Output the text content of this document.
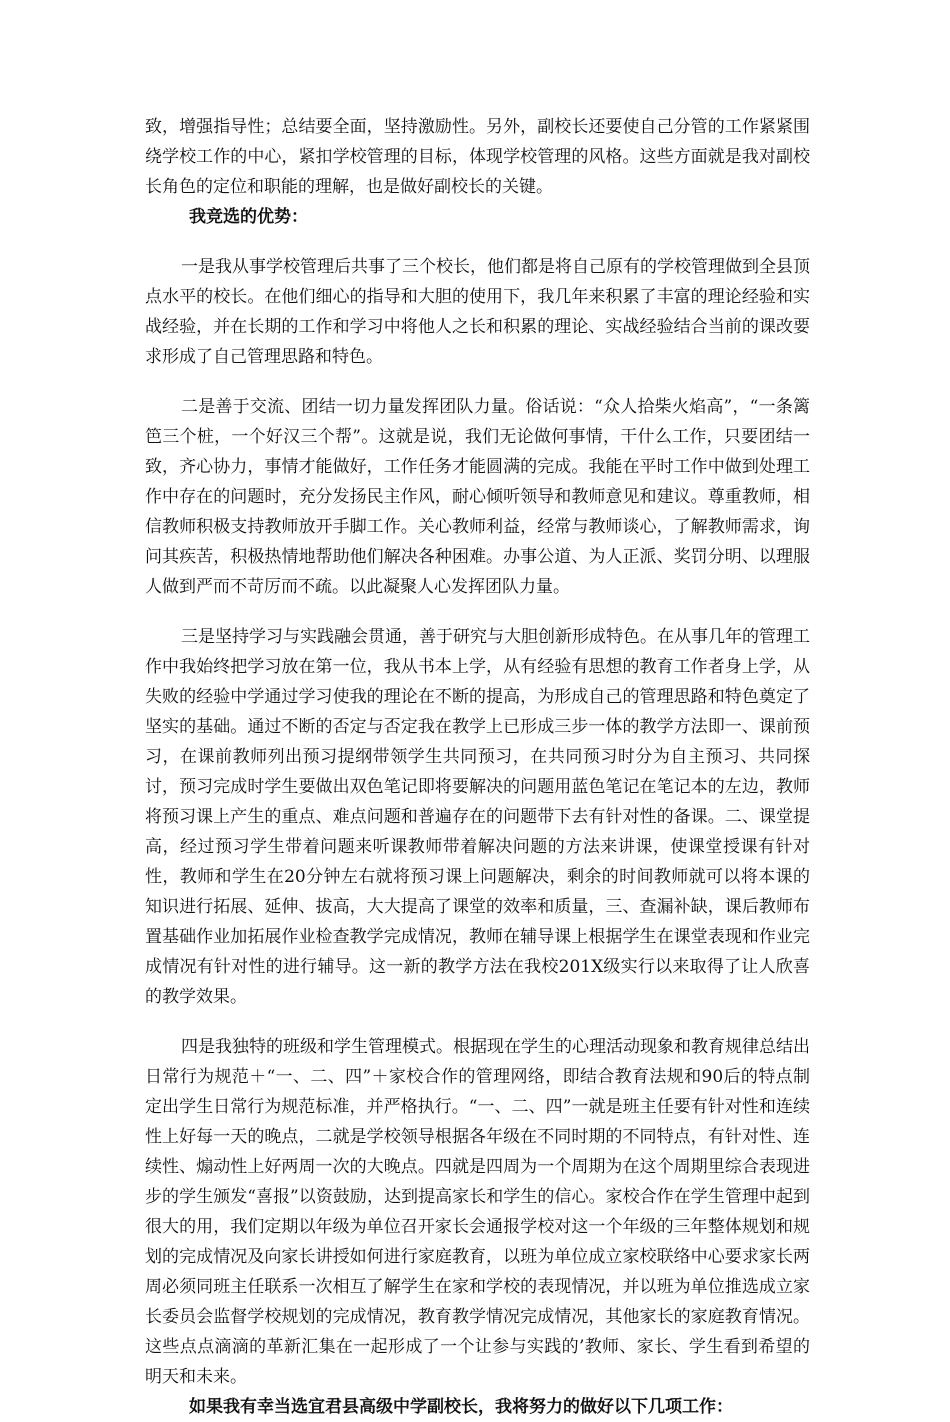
致，增强指导性；总结要全面，坚持激励性。另外，副校长还要使自己分管的工作紧紧围绕学校工作的中心，紧扣学校管理的目标，体现学校管理的风格。这些方面就是我对副校长角色的定位和职能的理解，也是做好副校长的关键。

我竞选的优势：

一是我从事学校管理后共事了三个校长，他们都是将自己原有的学校管理做到全县顶点水平的校长。在他们细心的指导和大胆的使用下，我几年来积累了丰富的理论经验和实战经验，并在长期的工作和学习中将他人之长和积累的理论、实战经验结合当前的课改要求形成了自己管理思路和特色。

二是善于交流、团结一切力量发挥团队力量。俗话说：“众人拾柴火焰高”，“一条篱笆三个桩，一个好汉三个帮”。这就是说，我们无论做何事情，干什么工作，只要团结一致，齐心协力，事情才能做好，工作任务才能圆满的完成。我能在平时工作中做到处理工作中存在的问题时，充分发扬民主作风，耐心倾听领导和教师意见和建议。尊重教师，相信教师积极支持教师放开手脚工作。关心教师利益，经常与教师谈心，了解教师需求，询问其疾苦，积极热情地帮助他们解决各种困难。办事公道、为人正派、奖罚分明、以理服人做到严而不苛厉而不疏。以此凝聚人心发挥团队力量。

三是坚持学习与实践融会贯通，善于研究与大胆创新形成特色。在从事几年的管理工作中我始终把学习放在第一位，我从书本上学，从有经验有思想的教育工作者身上学，从失败的经验中学通过学习使我的理论在不断的提高，为形成自己的管理思路和特色奠定了坚实的基础。通过不断的否定与否定我在教学上已形成三步一体的教学方法即一、课前预习，在课前教师列出预习提纲带领学生共同预习，在共同预习时分为自主预习、共同探讨，预习完成时学生要做出双色笔记即将要解决的问题用蓝色笔记在笔记本的左边，教师将预习课上产生的重点、难点问题和普遍存在的问题带下去有针对性的备课。二、课堂提高，经过预习学生带着问题来听课教师带着解决问题的方法来讲课，使课堂授课有针对性，教师和学生在20分钟左右就将预习课上问题解决，剩余的时间教师就可以将本课的知识进行拓展、延伸、拔高，大大提高了课堂的效率和质量，三、查漏补缺，课后教师布置基础作业加拓展作业检查教学完成情况，教师在辅导课上根据学生在课堂表现和作业完成情况有针对性的进行辅导。这一新的教学方法在我校201X级实行以来取得了让人欣喜的教学效果。

四是我独特的班级和学生管理模式。根据现在学生的心理活动现象和教育规律总结出日常行为规范＋“一、二、四”＋家校合作的管理网络，即结合教育法规和90后的特点制定出学生日常行为规范标准，并严格执行。“一、二、四”一就是班主任要有针对性和连续性上好每一天的晚点，二就是学校领导根据各年级在不同时期的不同特点，有针对性、连续性、煽动性上好两周一次的大晚点。四就是四周为一个周期为在这个周期里综合表现进步的学生颁发“喜报”以资鼓励，达到提高家长和学生的信心。家校合作在学生管理中起到很大的用，我们定期以年级为单位召开家长会通报学校对这一个年级的三年整体规划和规划的完成情况及向家长讲授如何进行家庭教育，以班为单位成立家校联络中心要求家长两周必须同班主任联系一次相互了解学生在家和学校的表现情况，并以班为单位推选成立家长委员会监督学校规划的完成情况，教育教学情况完成情况，其他家长的家庭教育情况。这些点点滴滴的革新汇集在一起形成了一个让参与实践的’教师、家长、学生看到希望的明天和未来。

如果我有幸当选宜君县高级中学副校长，我将努力的做好以下几项工作：
